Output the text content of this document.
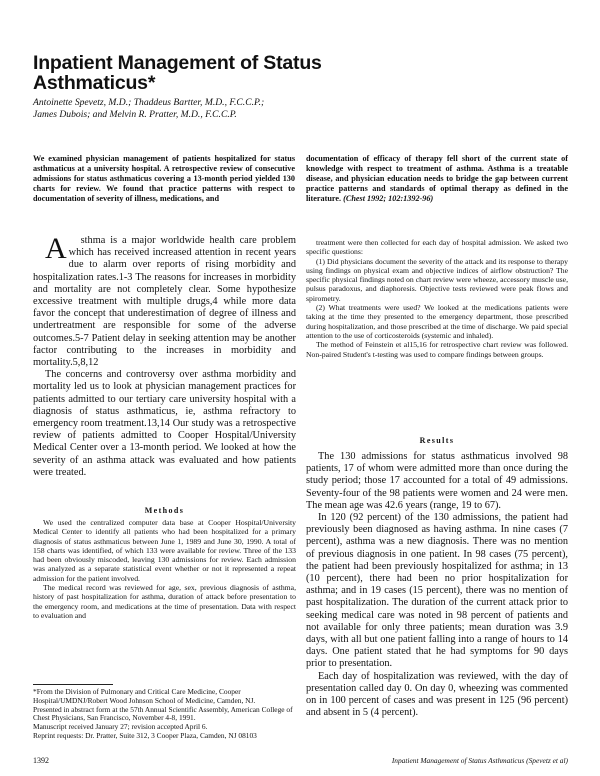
Inpatient Management of Status
Asthmaticus*
Antoinette Spevetz, M.D.; Thaddeus Bartter, M.D., F.C.C.P.;
James Dubois; and Melvin R. Pratter, M.D., F.C.C.P.

We examined physician management of patients hospitalized for status asthmaticus at a university hospital. A retrospective review of consecutive admissions for status asthmaticus covering a 13-month period yielded 130 charts for review. We found that practice patterns with respect to documentation of severity of illness, medications, and

documentation of efficacy of therapy fell short of the current state of knowledge with respect to treatment of asthma. Asthma is a treatable disease, and physician education needs to bridge the gap between current practice patterns and standards of optimal therapy as defined in the literature. (Chest 1992; 102:1392-96)

A sthma is a major worldwide health care problem which has received increased attention in recent years due to alarm over reports of rising morbidity and hospitalization rates.1-3 The reasons for increases in morbidity and mortality are not completely clear. Some hypothesize excessive treatment with multiple drugs,4 while more data favor the concept that underestimation of degree of illness and undertreatment are responsible for some of the adverse outcomes.5-7 Patient delay in seeking attention may be another factor contributing to the increases in morbidity and mortality.5,8,12

The concerns and controversy over asthma morbidity and mortality led us to look at physician management practices for patients admitted to our tertiary care university hospital with a diagnosis of status asthmaticus, ie, asthma refractory to emergency room treatment.13,14 Our study was a retrospective review of patients admitted to Cooper Hospital/University Medical Center over a 13-month period. We looked at how the severity of an asthma attack was evaluated and how patients were treated.

Methods

We used the centralized computer data base at Cooper Hospital/University Medical Center to identify all patients who had been hospitalized for a primary diagnosis of status asthmaticus between June 1, 1989 and June 30, 1990. A total of 158 charts was identified, of which 133 were available for review. Three of the 133 had been obviously miscoded, leaving 130 admissions for review. Each admission was analyzed as a separate statistical event whether or not it represented a repeat admission for the patient involved.

The medical record was reviewed for age, sex, previous diagnosis of asthma, history of past hospitalization for asthma, duration of attack before presentation to the emergency room, and medications at the time of presentation. Data with respect to evaluation and

*From the Division of Pulmonary and Critical Care Medicine, Cooper Hospital/UMDNJ/Robert Wood Johnson School of Medicine, Camden, NJ.

Presented in abstract form at the 57th Annual Scientific Assembly, American College of Chest Physicians, San Francisco, November 4-8, 1991.

Manuscript received January 27; revision accepted April 6.

Reprint requests: Dr. Pratter, Suite 312, 3 Cooper Plaza, Camden, NJ 08103

treatment were then collected for each day of hospital admission. We asked two specific questions:

(1) Did physicians document the severity of the attack and its response to therapy using findings on physical exam and objective indices of airflow obstruction? The specific physical findings noted on chart review were wheeze, accessory muscle use, pulsus paradoxus, and diaphoresis. Objective tests reviewed were peak flows and spirometry.

(2) What treatments were used? We looked at the medications patients were taking at the time they presented to the emergency department, those prescribed during hospitalization, and those prescribed at the time of discharge. We paid special attention to the use of corticosteroids (systemic and inhaled).

The method of Feinstein et al15,16 for retrospective chart review was followed. Non-paired Student's t-testing was used to compare findings between groups.

Results

The 130 admissions for status asthmaticus involved 98 patients, 17 of whom were admitted more than once during the study period; those 17 accounted for a total of 49 admissions. Seventy-four of the 98 patients were women and 24 were men. The mean age was 42.6 years (range, 19 to 67).

In 120 (92 percent) of the 130 admissions, the patient had previously been diagnosed as having asthma. In nine cases (7 percent), asthma was a new diagnosis. There was no mention of previous diagnosis in one patient. In 98 cases (75 percent), the patient had been previously hospitalized for asthma; in 13 (10 percent), there had been no prior hospitalization for asthma; and in 19 cases (15 percent), there was no mention of past hospitalization. The duration of the current attack prior to seeking medical care was noted in 98 percent of patients and not available for only three patients; mean duration was 3.9 days, with all but one patient falling into a range of hours to 14 days. One patient stated that he had symptoms for 90 days prior to presentation.

Each day of hospitalization was reviewed, with the day of presentation called day 0. On day 0, wheezing was commented on in 100 percent of cases and was present in 125 (96 percent) and absent in 5 (4 percent).

1392	Inpatient Management of Status Asthmaticus (Spevetz et al)
